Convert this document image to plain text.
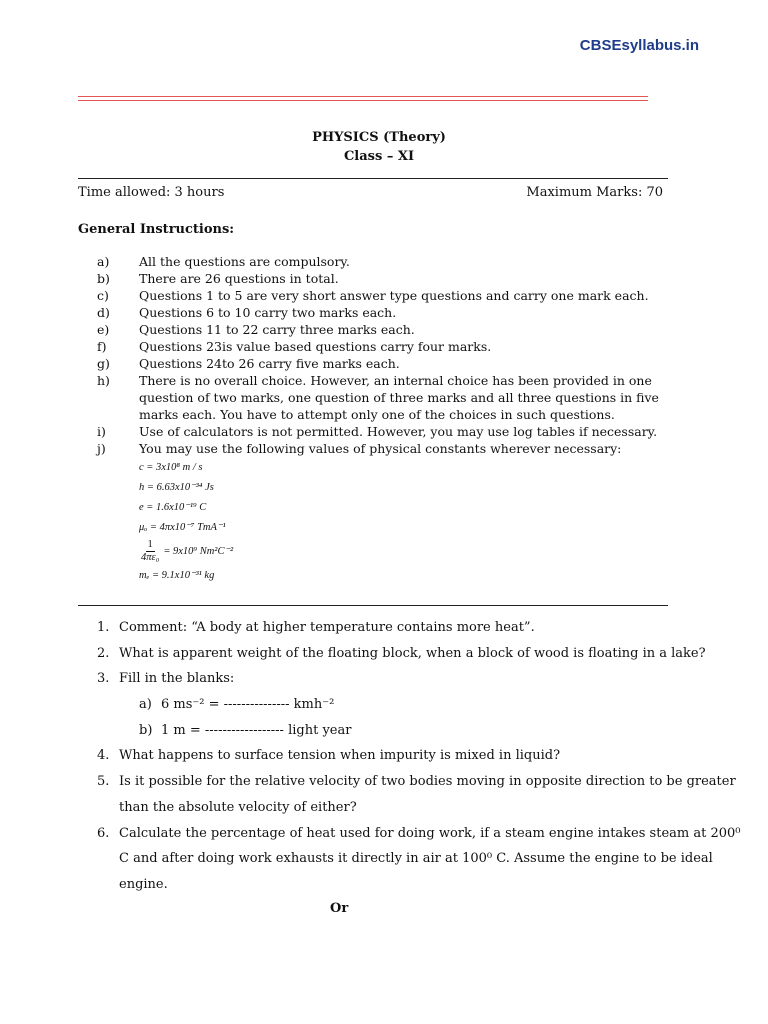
CBSEsyllabus.in
PHYSICS (Theory)
Class – XI
Time allowed: 3 hours	Maximum Marks: 70
General Instructions:
a)	All the questions are compulsory.
b)	There are 26 questions in total.
c)	Questions 1 to 5 are very short answer type questions and carry one mark each.
d)	Questions 6 to 10 carry two marks each.
e)	Questions 11 to 22 carry three marks each.
f)	Questions 23is value based questions carry four marks.
g)	Questions 24to 26 carry five marks each.
h)	There is no overall choice. However, an internal choice has been provided in one question of two marks, one question of three marks and all three questions in five marks each. You have to attempt only one of the choices in such questions.
i)	Use of calculators is not permitted. However, you may use log tables if necessary.
j)	You may use the following values of physical constants wherever necessary:
c = 3x10⁸ m / s
h = 6.63x10⁻³⁴ Js
e = 1.6x10⁻¹⁹ C
μₒ = 4πx10⁻⁷ TmA⁻¹
$\frac{1}{\text{4πε₀}} = 9x10^9$ Nm²C⁻²
mₑ = 9.1x10⁻³¹ kg
1. Comment: “A body at higher temperature contains more heat”.
2. What is apparent weight of the floating block, when a block of wood is floating in a lake?
3. Fill in the blanks:
a) 6 ms⁻² = --------------- kmh⁻²
b) 1 m = ------------------ light year
4. What happens to surface tension when impurity is mixed in liquid?
5. Is it possible for the relative velocity of two bodies moving in opposite direction to be greater
than the absolute velocity of either?
6. Calculate the percentage of heat used for doing work, if a steam engine intakes steam at 200⁰
C and after doing work exhausts it directly in air at 100⁰ C. Assume the engine to be ideal
engine.
Or
